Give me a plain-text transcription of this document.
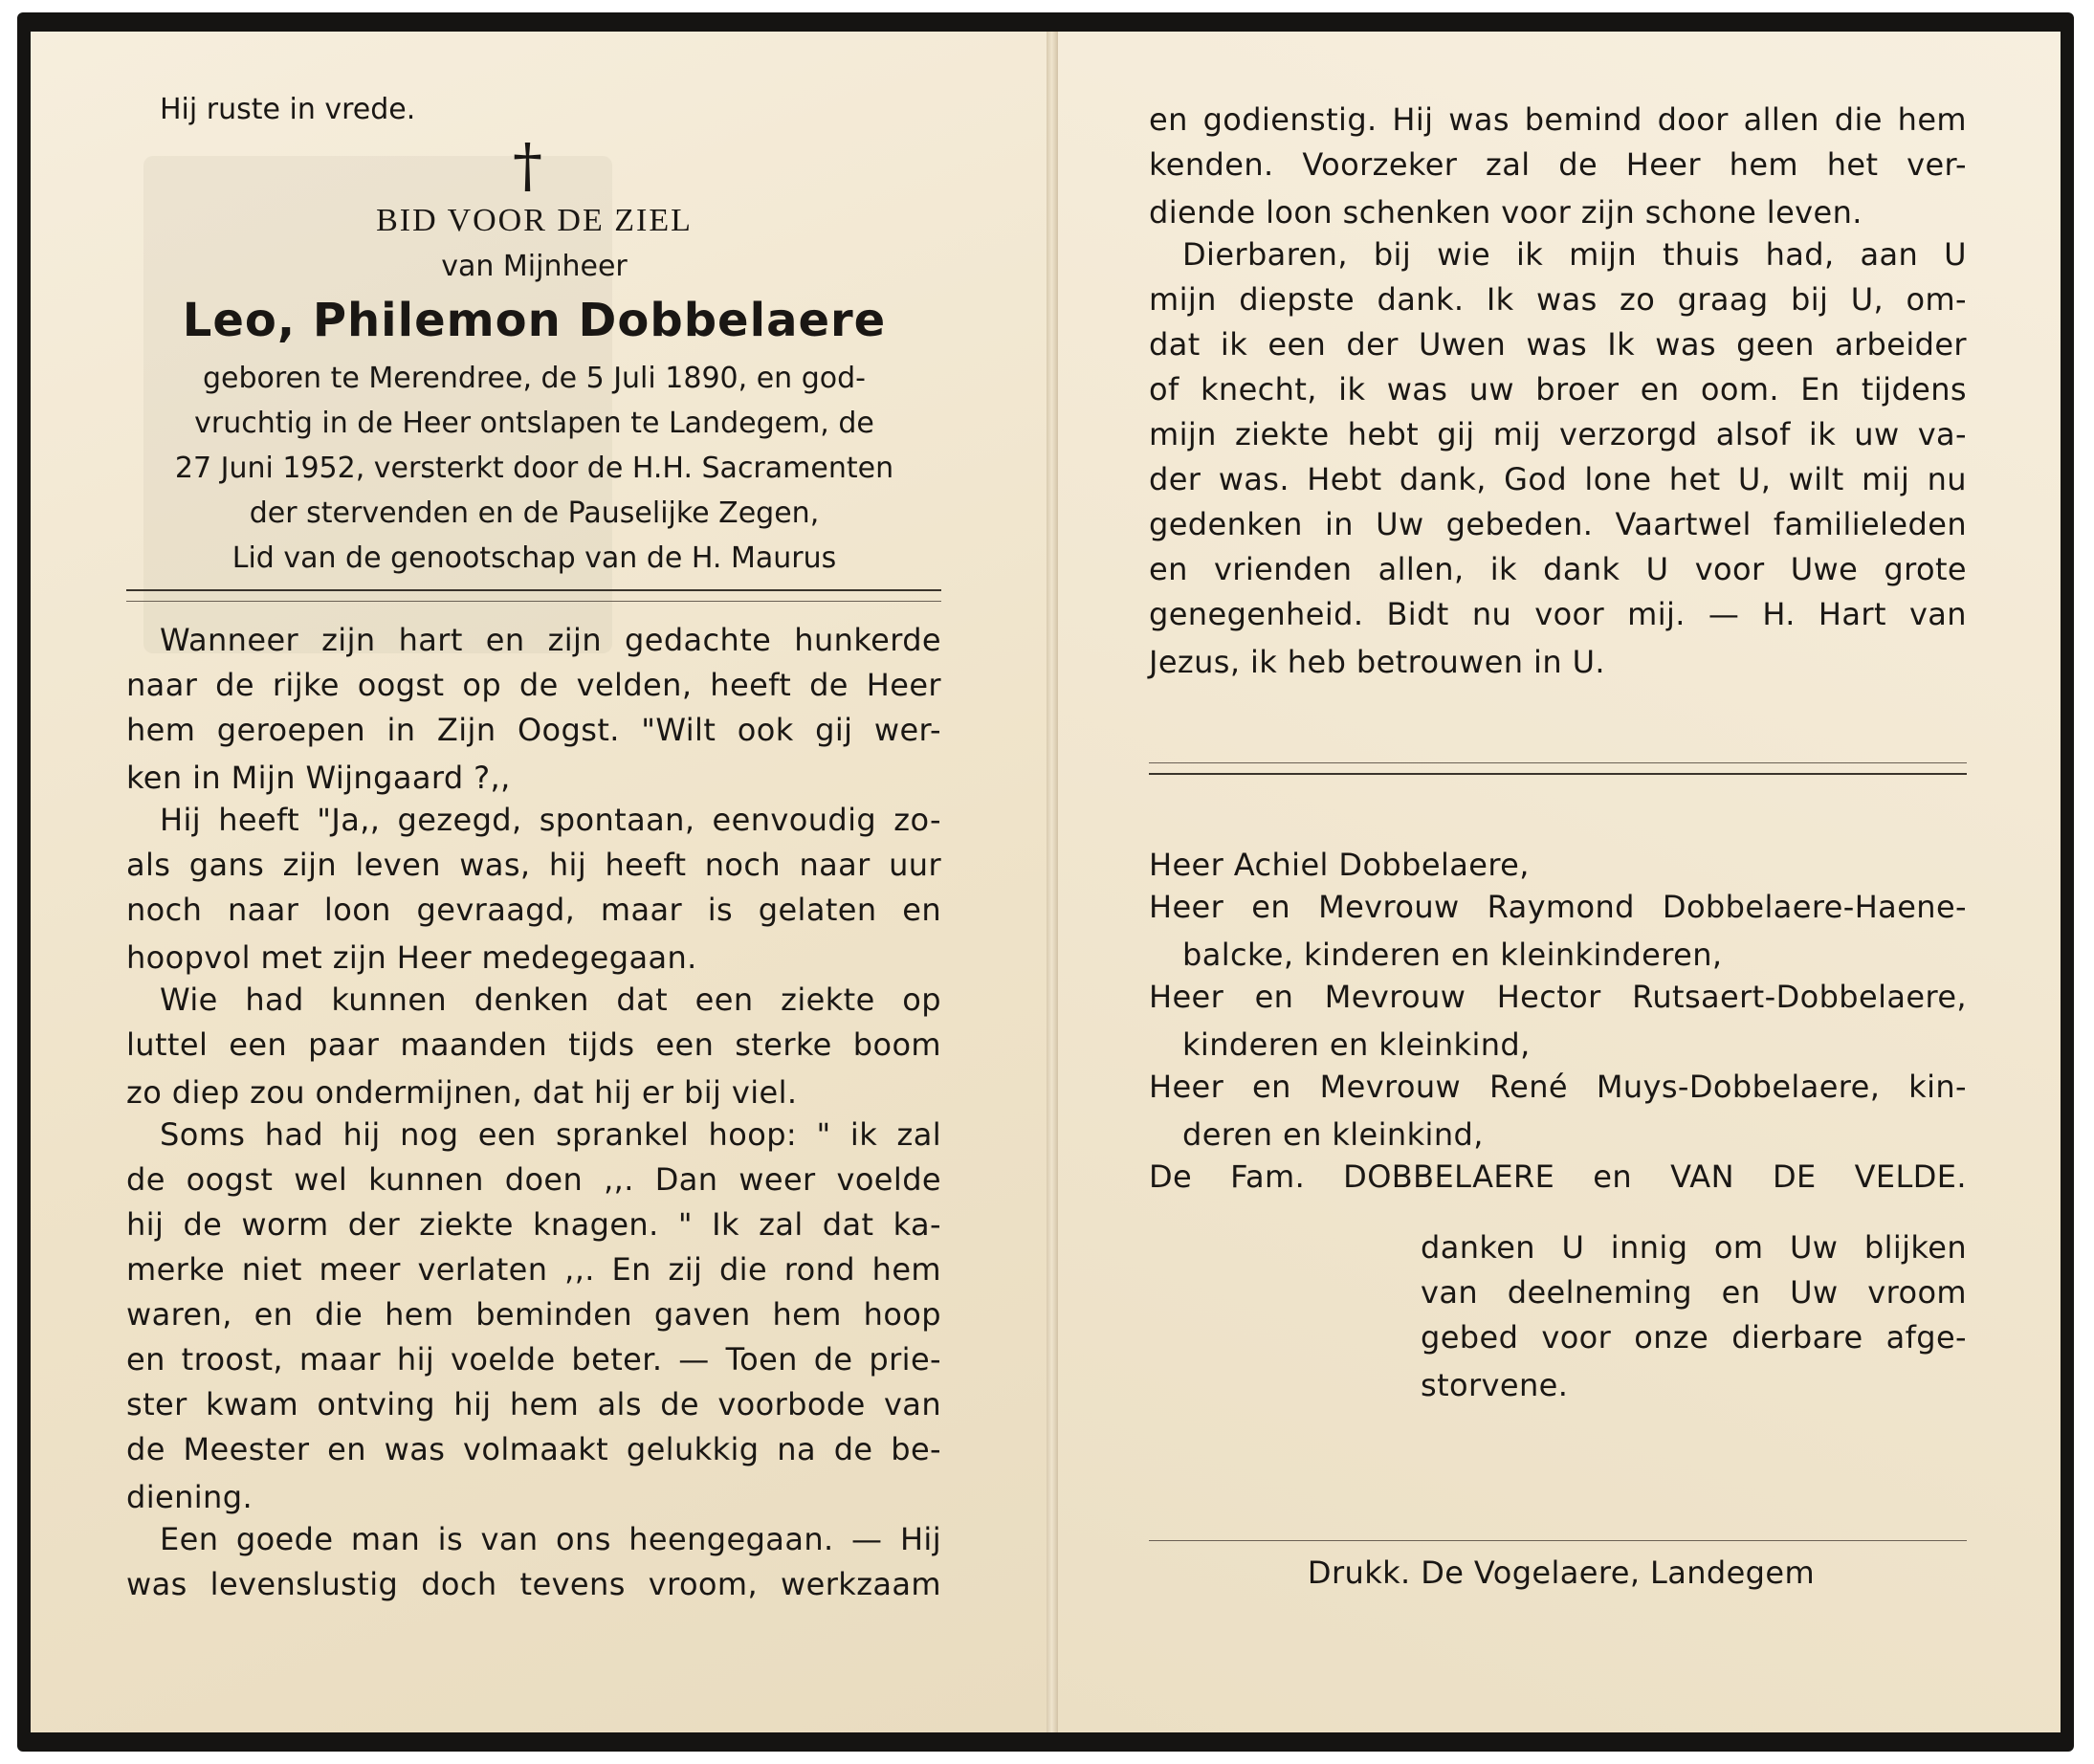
Hij ruste in vrede.
†
BID VOOR DE ZIEL
van Mijnheer
Leo, Philemon Dobbelaere
geboren te Merendree, de 5 Juli 1890, en god-
vruchtig in de Heer ontslapen te Landegem, de
27 Juni 1952, versterkt door de H.H. Sacramenten
der stervenden en de Pauselijke Zegen,
Lid van de genootschap van de H. Maurus
Wanneer zijn hart en zijn gedachte hunkerde
naar de rijke oogst op de velden, heeft de Heer
hem geroepen in Zijn Oogst. "Wilt ook gij wer-
ken in Mijn Wijngaard ?,,
Hij heeft "Ja,, gezegd, spontaan, eenvoudig zo-
als gans zijn leven was, hij heeft noch naar uur
noch naar loon gevraagd, maar is gelaten en
hoopvol met zijn Heer medegegaan.
Wie had kunnen denken dat een ziekte op
luttel een paar maanden tijds een sterke boom
zo diep zou ondermijnen, dat hij er bij viel.
Soms had hij nog een sprankel hoop: " ik zal
de oogst wel kunnen doen ,,. Dan weer voelde
hij de worm der ziekte knagen. " Ik zal dat ka-
merke niet meer verlaten ,,. En zij die rond hem
waren, en die hem beminden gaven hem hoop
en troost, maar hij voelde beter. — Toen de prie-
ster kwam ontving hij hem als de voorbode van
de Meester en was volmaakt gelukkig na de be-
diening.
Een goede man is van ons heengegaan. — Hij
was levenslustig doch tevens vroom, werkzaam
en godienstig. Hij was bemind door allen die hem
kenden. Voorzeker zal de Heer hem het ver-
diende loon schenken voor zijn schone leven.
Dierbaren, bij wie ik mijn thuis had, aan U
mijn diepste dank. Ik was zo graag bij U, om-
dat ik een der Uwen was Ik was geen arbeider
of knecht, ik was uw broer en oom. En tijdens
mijn ziekte hebt gij mij verzorgd alsof ik uw va-
der was. Hebt dank, God lone het U, wilt mij nu
gedenken in Uw gebeden. Vaartwel familieleden
en vrienden allen, ik dank U voor Uwe grote
genegenheid. Bidt nu voor mij. — H. Hart van
Jezus, ik heb betrouwen in U.
Heer Achiel Dobbelaere,
Heer en Mevrouw Raymond Dobbelaere-Haene-
balcke, kinderen en kleinkinderen,
Heer en Mevrouw Hector Rutsaert-Dobbelaere,
kinderen en kleinkind,
Heer en Mevrouw René Muys-Dobbelaere, kin-
deren en kleinkind,
De Fam. DOBBELAERE en VAN DE VELDE.
danken U innig om Uw blijken
van deelneming en Uw vroom
gebed voor onze dierbare afge-
storvene.
Drukk. De Vogelaere, Landegem
